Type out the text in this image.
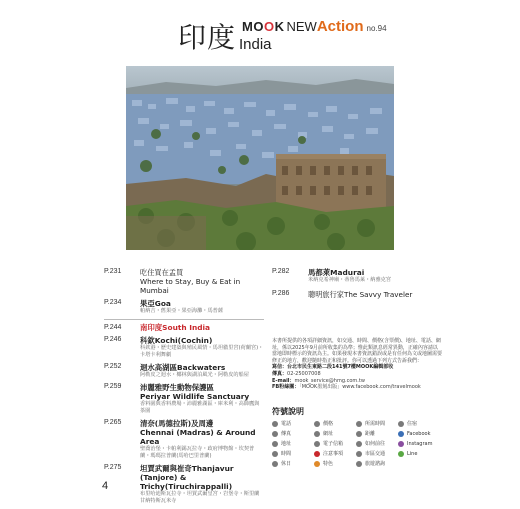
印度 India
MOOK NEWAction no.94
P.231	吃住買在孟買
Where to Stay, Buy & Eat in Mumbai
P.234	果亞Goa
帕納吉・舊果亞・果亞海灘・馬普薩
P.244	南印度South India
P.246	科欽Kochi(Cochin)
科欽港・歷史建築與殖民風情・馬坦徹里宮(荷蘭宮)・卡塔卡利舞劇
P.252	迴水高湖區Backwaters
阿勒皮之迴水・椰林與湖泊風光・阿勒皮的船屋
P.259	沛麗雅野生動物保護區
Periyar Wildlife Sanctuary
香料園與香料農場・沛麗雅湖區・庫米利・高帥鷹與茶園
P.265	清奈(馬德拉斯)及周邊
Chennai (Madras) & Around Area
聖喬治堡・卡帕利錫瓦拉寺・政府博物館・坎契普蘭・瑪瑪拉普蘭(馬哈巴里普蘭)
P.275	坦賈武爾與崔奇Thanjavur
(Tanjore) & Trichy(Tiruchirappalli)
布里哈迪斯瓦拉寺・坦賈武爾皇宮・岩堡寺・斯里蘭甘納特斯瓦米寺
P.282	馬都萊Madurai
米納克希神廟・蒂魯馬萊・納雅克宮
P.286	聰明旅行家The Savvy Traveler
本書所提供的各項詳細資訊，如交通、時間、價格(含票價)、地址、電話、網址，係以2025年9月前所收集的為準；惟此類訊息經常異動，正確內容請以當地即時標示的資訊為主。如果發現本書資訊錯誤或是有任何為文或地圖需要修正的地方，歡迎隨時指正和批評。你可以透過下列方式告訴我們：
寫信：台北市民生東路二段141號7樓MOOK編輯部收
傳真：02-25007008
E-mail：mook_service@hmg.com.tw
FB粉絲團：「MOOK墨刻出版」www.facebook.com/travelmook
符號說明
電話	價格	所需時間	住宿
傳真	網址	距離	Facebook
地址	電子信箱	如何前往	Instagram
時間	注意事項	市區交通	Line
休日	特色	旅遊諮詢
4
